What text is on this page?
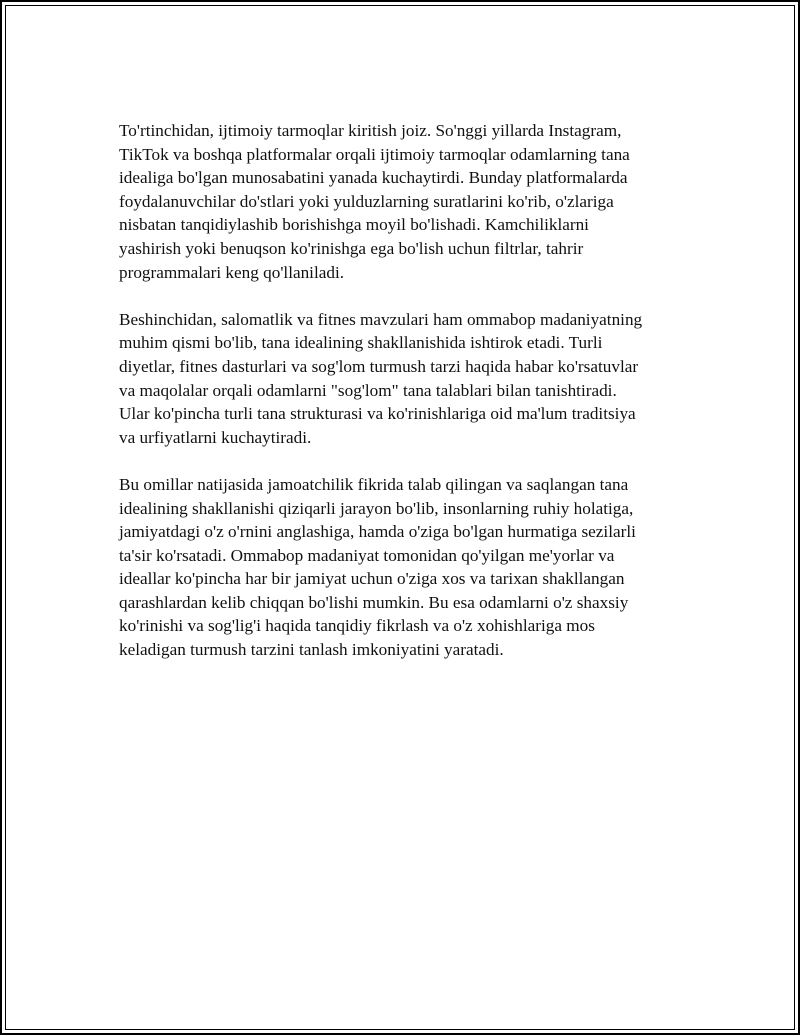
To'rtinchidan, ijtimoiy tarmoqlar kiritish joiz. So'nggi yillarda Instagram,
TikTok va boshqa platformalar orqali ijtimoiy tarmoqlar odamlarning tana
idealiga bo'lgan munosabatini yanada kuchaytirdi. Bunday platformalarda
foydalanuvchilar do'stlari yoki yulduzlarning suratlarini ko'rib, o'zlariga
nisbatan tanqidiylashib borishishga moyil bo'lishadi. Kamchiliklarni
yashirish yoki benuqson ko'rinishga ega bo'lish uchun filtrlar, tahrir
programmalari keng qo'llaniladi.

Beshinchidan, salomatlik va fitnes mavzulari ham ommabop madaniyatning
muhim qismi bo'lib, tana idealining shakllanishida ishtirok etadi. Turli
diyetlar, fitnes dasturlari va sog'lom turmush tarzi haqida habar ko'rsatuvlar
va maqolalar orqali odamlarni "sog'lom" tana talablari bilan tanishtiradi.
Ular ko'pincha turli tana strukturasi va ko'rinishlariga oid ma'lum traditsiya
va urfiyatlarni kuchaytiradi.

Bu omillar natijasida jamoatchilik fikrida talab qilingan va saqlangan tana
idealining shakllanishi qiziqarli jarayon bo'lib, insonlarning ruhiy holatiga,
jamiyatdagi o'z o'rnini anglashiga, hamda o'ziga bo'lgan hurmatiga sezilarli
ta'sir ko'rsatadi. Ommabop madaniyat tomonidan qo'yilgan me'yorlar va
ideallar ko'pincha har bir jamiyat uchun o'ziga xos va tarixan shakllangan
qarashlardan kelib chiqqan bo'lishi mumkin. Bu esa odamlarni o'z shaxsiy
ko'rinishi va sog'lig'i haqida tanqidiy fikrlash va o'z xohishlariga mos
keladigan turmush tarzini tanlash imkoniyatini yaratadi.
